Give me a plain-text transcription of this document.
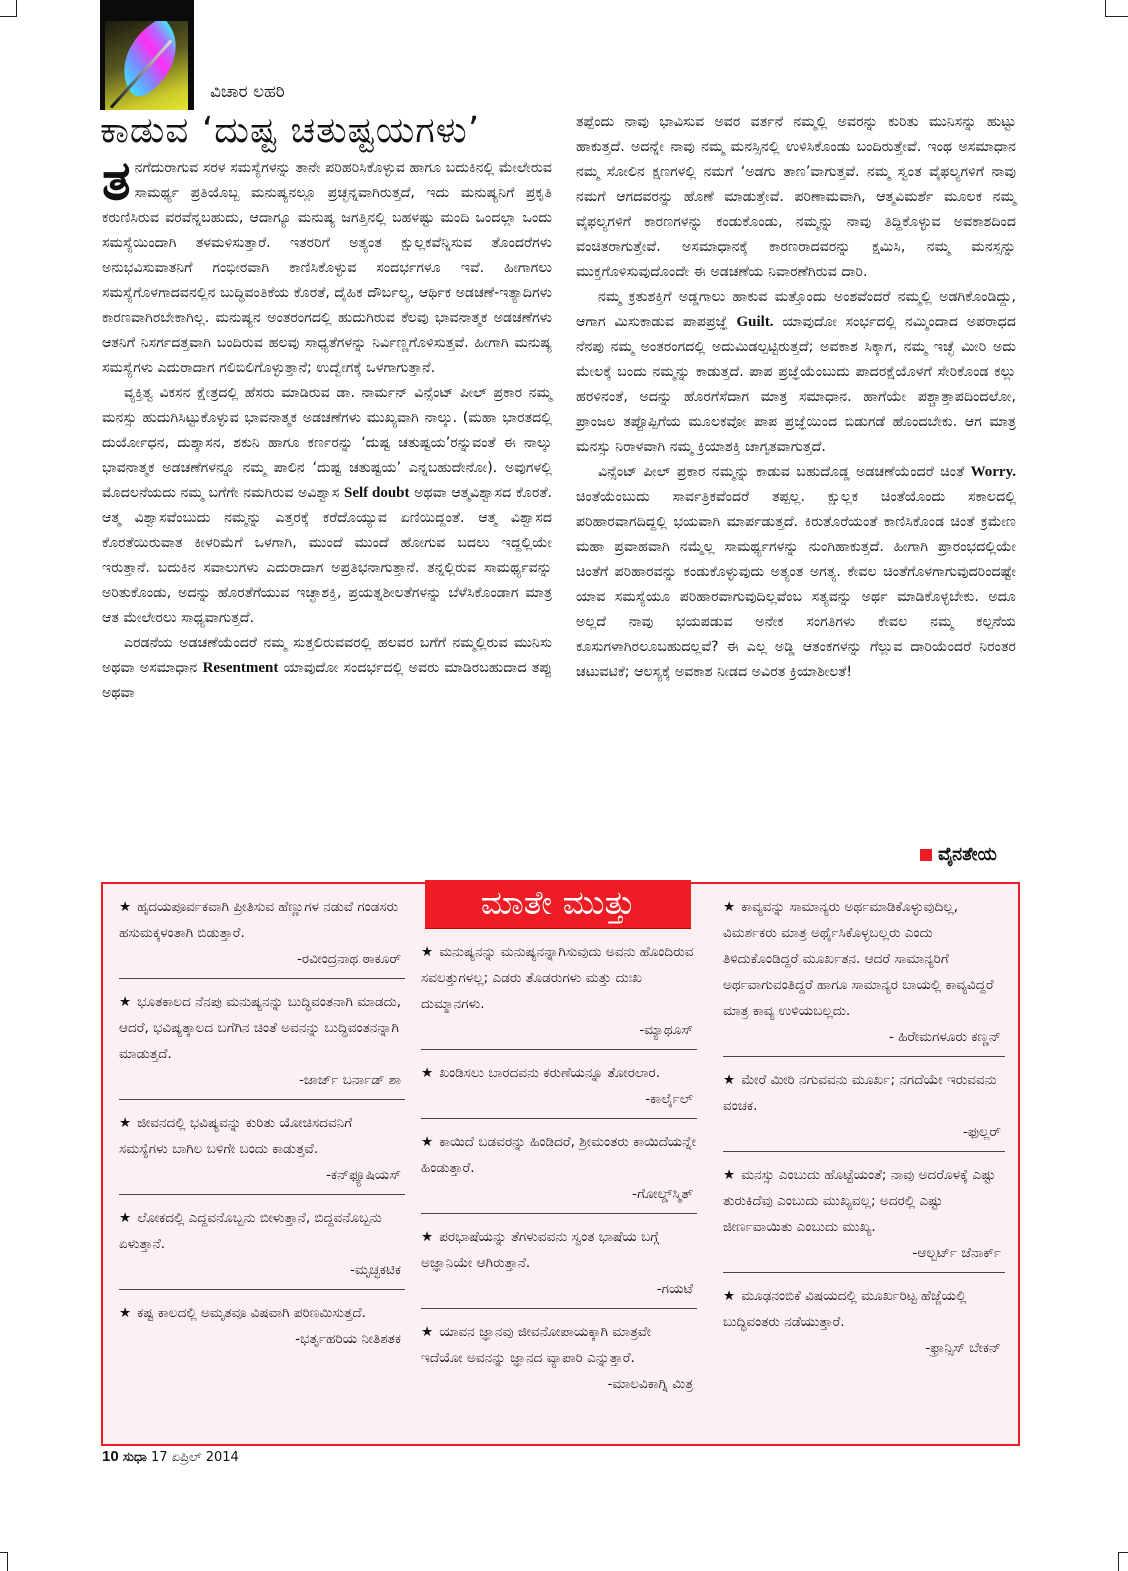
ವಿಚಾರ ಲಹರಿ
ಕಾಡುವ ‘ದುಷ್ಟ ಚತುಷ್ಟಯಗಳು’

ತನಗೆದುರಾಗುವ ಸರಳ ಸಮಸ್ಯೆಗಳನ್ನು ತಾನೇ ಪರಿಹರಿಸಿಕೊಳ್ಳುವ ಹಾಗೂ ಬದುಕಿನಲ್ಲಿ ಮೇಲೇರುವ ಸಾಮರ್ಥ್ಯ ಪ್ರತಿಯೊಬ್ಬ ಮನುಷ್ಯನಲ್ಲೂ ಪ್ರಚ್ಛನ್ನವಾಗಿರುತ್ತದೆ, ಇದು ಮನುಷ್ಯನಿಗೆ ಪ್ರಕೃತಿ ಕರುಣಿಸಿರುವ ವರವೆನ್ನಬಹುದು, ಆದಾಗ್ಯೂ ಮನುಷ್ಯ ಜಗತ್ತಿನಲ್ಲಿ ಬಹಳಷ್ಟು ಮಂದಿ ಒಂದಲ್ಲಾ ಒಂದು ಸಮಸ್ಯೆಯಿಂದಾಗಿ ತಳಮಳಿಸುತ್ತಾರೆ. ಇತರರಿಗೆ ಅತ್ಯಂತ ಕ್ಷುಲ್ಲಕವೆನ್ನಿಸುವ ತೊಂದರೆಗಳು ಅನುಭವಿಸುವಾತನಿಗೆ ಗಂಭೀರವಾಗಿ ಕಾಣಿಸಿಕೊಳ್ಳುವ ಸಂದರ್ಭಗಳೂ ಇವೆ. ಹೀಗಾಗಲು ಸಮಸ್ಯೆಗೊಳಗಾದವನಲ್ಲಿನ ಬುದ್ಧಿವಂತಿಕೆಯ ಕೊರತೆ, ದೈಹಿಕ ದೌರ್ಬಲ್ಯ, ಆರ್ಥಿಕ ಅಡಚಣೆ-ಇತ್ಯಾದಿಗಳು ಕಾರಣವಾಗಿರಬೇಕಾಗಿಲ್ಲ. ಮನುಷ್ಯನ ಅಂತರಂಗದಲ್ಲಿ ಹುದುಗಿರುವ ಕೆಲವು ಭಾವನಾತ್ಮಕ ಅಡಚಣೆಗಳು ಆತನಿಗೆ ನಿಸರ್ಗದತ್ತವಾಗಿ ಬಂದಿರುವ ಹಲವು ಸಾಧ್ಯತೆಗಳನ್ನು ನಿರ್ವಿಣ್ಣಗೊಳಿಸುತ್ತವೆ. ಹೀಗಾಗಿ ಮನುಷ್ಯ ಸಮಸ್ಯೆಗಳು ಎದುರಾದಾಗ ಗಲಿಬಿಲಿಗೊಳ್ಳುತ್ತಾನೆ; ಉದ್ವೇಗಕ್ಕೆ ಒಳಗಾಗುತ್ತಾನೆ.

ವ್ಯಕ್ತಿತ್ವ ವಿಕಸನ ಕ್ಷೇತ್ರದಲ್ಲಿ ಹೆಸರು ಮಾಡಿರುವ ಡಾ. ನಾರ್ಮನ್ ವಿನ್ಸೆಂಟ್ ಪೀಲ್ ಪ್ರಕಾರ ನಮ್ಮ ಮನಸ್ಸು ಹುದುಗಿಸಿಟ್ಟುಕೊಳ್ಳುವ ಭಾವನಾತ್ಮಕ ಅಡಚಣೆಗಳು ಮುಖ್ಯವಾಗಿ ನಾಲ್ಕು. (ಮಹಾ ಭಾರತದಲ್ಲಿ ದುರ್ಯೋಧನ, ದುಶ್ಶಾಸನ, ಶಕುನಿ ಹಾಗೂ ಕರ್ಣರನ್ನು ‘ದುಷ್ಟ ಚತುಷ್ಟಯ’ರನ್ನುವಂತೆ ಈ ನಾಲ್ಕು ಭಾವನಾತ್ಮಕ ಅಡಚಣೆಗಳನ್ನೂ ನಮ್ಮ ಪಾಲಿನ ‘ದುಷ್ಟ ಚತುಷ್ಟಯ’ ಎನ್ನಬಹುದೇನೋ). ಅವುಗಳಲ್ಲಿ ಮೊದಲನೆಯದು ನಮ್ಮ ಬಗೆಗೇ ನಮಗಿರುವ ಅವಿಶ್ವಾಸ Self doubt ಅಥವಾ ಆತ್ಮವಿಶ್ವಾಸದ ಕೊರತೆ. ಆತ್ಮ ವಿಶ್ವಾಸವೆಂಬುದು ನಮ್ಮನ್ನು ಎತ್ತರಕ್ಕೆ ಕರೆದೊಯ್ಯುವ ಏಣಿಯಿದ್ದಂತೆ. ಆತ್ಮ ವಿಶ್ವಾಸದ ಕೊರತೆಯಿರುವಾತ ಕೀಳರಿಮೆಗೆ ಒಳಗಾಗಿ, ಮುಂದೆ ಮುಂದೆ ಹೋಗುವ ಬದಲು ಇದ್ದಲ್ಲಿಯೇ ಇರುತ್ತಾನೆ. ಬದುಕಿನ ಸವಾಲುಗಳು ಎದುರಾದಾಗ ಅಪ್ರತಿಭನಾಗುತ್ತಾನೆ. ತನ್ನಲ್ಲಿರುವ ಸಾಮರ್ಥ್ಯವನ್ನು ಅರಿತುಕೊಂಡು, ಅದನ್ನು ಹೊರತೆಗೆಯುವ ಇಚ್ಛಾಶಕ್ತಿ, ಪ್ರಯತ್ನಶೀಲತೆಗಳನ್ನು ಬೆಳೆಸಿಕೊಂಡಾಗ ಮಾತ್ರ ಆತ ಮೇಲೇರಲು ಸಾಧ್ಯವಾಗುತ್ತದೆ.

ಎರಡನೆಯ ಅಡಚಣೆಯೆಂದರೆ ನಮ್ಮ ಸುತ್ತಲಿರುವವರಲ್ಲಿ ಹಲವರ ಬಗೆಗೆ ನಮ್ಮಲ್ಲಿರುವ ಮುನಿಸು ಅಥವಾ ಅಸಮಾಧಾನ Resentment ಯಾವುದೋ ಸಂದರ್ಭದಲ್ಲಿ ಅವರು ಮಾಡಿರಬಹುದಾದ ತಪ್ಪು ಅಥವಾ

ತಪ್ಪೆಂದು ನಾವು ಭಾವಿಸುವ ಅವರ ವರ್ತನೆ ನಮ್ಮಲ್ಲಿ ಅವರನ್ನು ಕುರಿತು ಮುನಿಸನ್ನು ಹುಟ್ಟು ಹಾಕುತ್ತದೆ. ಅದನ್ನೇ ನಾವು ನಮ್ಮ ಮನಸ್ಸಿನಲ್ಲಿ ಉಳಿಸಿಕೊಂಡು ಬಂದಿರುತ್ತೇವೆ. ಇಂಥ ಅಸಮಾಧಾನ ನಮ್ಮ ಸೋಲಿನ ಕ್ಷಣಗಳಲ್ಲಿ ನಮಗೆ ‘ಅಡಗು ತಾಣ’ವಾಗುತ್ತವೆ. ನಮ್ಮ ಸ್ವಂತ ವೈಫಲ್ಯಗಳಿಗೆ ನಾವು ನಮಗೆ ಆಗದವರನ್ನು ಹೊಣೆ ಮಾಡುತ್ತೇವೆ. ಪರಿಣಾಮವಾಗಿ, ಆತ್ಮವಿಮರ್ಶೆ ಮೂಲಕ ನಮ್ಮ ವೈಫಲ್ಯಗಳಿಗೆ ಕಾರಣಗಳನ್ನು ಕಂಡುಕೊಂಡು, ನಮ್ಮನ್ನು ನಾವು ತಿದ್ದಿಕೊಳ್ಳುವ ಅವಕಾಶದಿಂದ ವಂಚಿತರಾಗುತ್ತೇವೆ. ಅಸಮಾಧಾನಕ್ಕೆ ಕಾರಣರಾದವರನ್ನು ಕ್ಷಮಿಸಿ, ನಮ್ಮ ಮನಸ್ಸನ್ನು ಮುಕ್ತಗೊಳಿಸುವುದೊಂದೇ ಈ ಅಡಚಣೆಯ ನಿವಾರಣೆಗಿರುವ ದಾರಿ.

ನಮ್ಮ ಕ್ರತುಶಕ್ತಿಗೆ ಅಡ್ಡಗಾಲು ಹಾಕುವ ಮತ್ತೊಂದು ಅಂಶವೆಂದರೆ ನಮ್ಮಲ್ಲಿ ಅಡಗಿಕೊಂಡಿದ್ದು, ಆಗಾಗ ಮಿಸುಕಾಡುವ ಪಾಪಪ್ರಜ್ಞೆ Guilt. ಯಾವುದೋ ಸಂರ್ಭದಲ್ಲಿ ನಮ್ಮಿಂದಾದ ಅಪರಾಧದ ನೆನಪು ನಮ್ಮ ಅಂತರಂಗದಲ್ಲಿ ಅದುಮಿಡಲ್ಪಟ್ಟಿರುತ್ತದೆ; ಅವಕಾಶ ಸಿಕ್ಕಾಗ, ನಮ್ಮ ಇಚ್ಛೆ ಮೀರಿ ಅದು ಮೇಲಕ್ಕೆ ಬಂದು ನಮ್ಮನ್ನು ಕಾಡುತ್ತದೆ. ಪಾಪ ಪ್ರಜ್ಞೆಯೆಂಬುದು ಪಾದರಕ್ಷೆಯೊಳಗೆ ಸೇರಿಕೊಂಡ ಕಲ್ಲು ಹರಳಿನಂತೆ, ಅದನ್ನು ಹೊರಗೆಸೆದಾಗ ಮಾತ್ರ ಸಮಾಧಾನ. ಹಾಗೆಯೇ ಪಶ್ಚಾತ್ತಾಪದಿಂದಲೋ, ಪ್ರಾಂಜಲ ತಪ್ಪೊಪ್ಪಿಗೆಯ ಮೂಲಕವೋ ಪಾಪ ಪ್ರಜ್ಞೆಯಿಂದ ಬಿಡುಗಡೆ ಹೊಂದಬೇಕು. ಆಗ ಮಾತ್ರ ಮನಸ್ಸು ನಿರಾಳವಾಗಿ ನಮ್ಮ ಕ್ರಿಯಾಶಕ್ತಿ ಜಾಗೃತವಾಗುತ್ತದೆ.

ವಿನ್ಸೆಂಟ್ ಪೀಲ್ ಪ್ರಕಾರ ನಮ್ಮನ್ನು ಕಾಡುವ ಬಹುದೊಡ್ಡ ಅಡಚಣೆಯೆಂದರೆ ಚಿಂತೆ Worry. ಚಿಂತೆಯೆಂಬುದು ಸಾರ್ವತ್ರಿಕವೆಂದರೆ ತಪ್ಪಲ್ಲ. ಕ್ಷುಲ್ಲಕ ಚಿಂತೆಯೊಂದು ಸಕಾಲದಲ್ಲಿ ಪರಿಹಾರವಾಗದಿದ್ದಲ್ಲಿ ಭಯವಾಗಿ ಮಾರ್ಪಡುತ್ತದೆ. ಕಿರುತೊರೆಯಂತೆ ಕಾಣಿಸಿಕೊಂಡ ಚಿಂತೆ ಕ್ರಮೇಣ ಮಹಾ ಪ್ರವಾಹವಾಗಿ ನಮ್ಮೆಲ್ಲ ಸಾಮರ್ಥ್ಯಗಳನ್ನು ನುಂಗಿಹಾಕುತ್ತದೆ. ಹೀಗಾಗಿ ಪ್ರಾರಂಭದಲ್ಲಿಯೇ ಚಿಂತೆಗೆ ಪರಿಹಾರವನ್ನು ಕಂಡುಕೊಳ್ಳುವುದು ಅತ್ಯಂತ ಅಗತ್ಯ. ಕೇವಲ ಚಿಂತೆಗೊಳಗಾಗುವುದರಿಂದಷ್ಟೇ ಯಾವ ಸಮಸ್ಯೆಯೂ ಪರಿಹಾರವಾಗುವುದಿಲ್ಲವೆಂಬ ಸತ್ಯವನ್ನು ಅರ್ಥ ಮಾಡಿಕೊಳ್ಳಬೇಕು. ಅದೂ ಅಲ್ಲದೆ ನಾವು ಭಯಪಡುವ ಅನೇಕ ಸಂಗತಿಗಳು ಕೇವಲ ನಮ್ಮ ಕಲ್ಪನೆಯ ಕೂಸುಗಳಾಗಿರಲೂಬಹುದಲ್ಲವೆ? ಈ ಎಲ್ಲ ಅಡ್ಡಿ ಆತಂಕಗಳನ್ನು ಗೆಲ್ಲುವ ದಾರಿಯೆಂದರೆ ನಿರಂತರ ಚಟುವಟಿಕೆ; ಆಲಸ್ಯಕ್ಕೆ ಅವಕಾಶ ನೀಡದ ಅವಿರತ ಕ್ರಿಯಾಶೀಲತೆ!

ವೈನತೇಯ
★ ಹೃದಯಪೂರ್ವಕವಾಗಿ ಪ್ರೀತಿಸುವ ಹೆಣ್ಣುಗಳ ನಡುವೆ ಗಂಡಸರು ಹಸುಮಕ್ಕಳಂತಾಗಿ ಬಿಡುತ್ತಾರೆ.
-ರವೀಂದ್ರನಾಥ ಠಾಕೂರ್
★ ಭೂತಕಾಲದ ನೆನಪು ಮನುಷ್ಯನನ್ನು ಬುದ್ಧಿವಂತನಾಗಿ ಮಾಡದು, ಆದರೆ, ಭವಿಷ್ಯತ್ಕಾಲದ ಬಗೆಗಿನ ಚಿಂತೆ ಅವನನ್ನು ಬುದ್ಧಿವಂತನನ್ನಾಗಿ ಮಾಡುತ್ತದೆ.
-ಜಾರ್ಜ್ ಬರ್ನಾಡ್ ಶಾ
★ ಜೀವನದಲ್ಲಿ ಭವಿಷ್ಯವನ್ನು ಕುರಿತು ಯೋಚಿಸದವನಿಗೆ ಸಮಸ್ಯೆಗಳು ಬಾಗಿಲ ಬಳಿಗೇ ಬಂದು ಕಾಡುತ್ತವೆ.
-ಕನ್‌ಫ್ಯೂಷಿಯಸ್
★ ಲೋಕದಲ್ಲಿ ಎದ್ದವನೊಬ್ಬನು ಬೀಳುತ್ತಾನೆ, ಬಿದ್ದವನೊಬ್ಬನು ಏಳುತ್ತಾನೆ.
-ಮೃಚ್ಛಕಟಿಕ
★ ಕಷ್ಟ ಕಾಲದಲ್ಲಿ ಅಮೃತವೂ ವಿಷವಾಗಿ ಪರಿಣಮಿಸುತ್ತದೆ.
-ಭರ್ತೃಹರಿಯ ನೀತಿಶತಕ
ಮಾತೇ ಮುತ್ತು
★ ಮನುಷ್ಯನನ್ನು ಮನುಷ್ಯನನ್ನಾಗಿಸುವುದು ಅವನು ಹೊಂದಿರುವ ಸವಲತ್ತುಗಳಲ್ಲ; ಎಡರು ತೊಡರುಗಳು ಮತ್ತು ದುಃಖ ದುಮ್ಮಾನಗಳು.
-ಮ್ಯಾಥೂಸ್
★ ಖಂಡಿಸಲು ಬಾರದವನು ಕರುಣೆಯನ್ನೂ ತೋರಲಾರ.
-ಕಾರ್ಲೈಲ್
★ ಕಾಯಿದೆ ಬಡವರನ್ನು ಹಿಂಡಿದರೆ, ಶ್ರೀಮಂತರು ಕಾಯಿದೆಯನ್ನೇ ಹಿಂಡುತ್ತಾರೆ.
-ಗೋಲ್ಡ್‌ಸ್ಮಿತ್
★ ಪರಭಾಷೆಯನ್ನು ತೆಗಳುವವನು ಸ್ವಂತ ಭಾಷೆಯ ಬಗ್ಗೆ ಅಜ್ಞಾನಿಯೇ ಆಗಿರುತ್ತಾನೆ.
-ಗಯಟೆ
★ ಯಾವನ ಜ್ಞಾನವು ಜೀವನೋಪಾಯಕ್ಕಾಗಿ ಮಾತ್ರವೇ ಇದೆಯೋ ಅವನನ್ನು ಜ್ಞಾನದ ವ್ಯಾಪಾರಿ ಎನ್ನುತ್ತಾರೆ.
-ಮಾಲವಿಕಾಗ್ನಿ ಮಿತ್ರ
★ ಕಾವ್ಯವನ್ನು ಸಾಮಾನ್ಯರು ಅರ್ಥಮಾಡಿಕೊಳ್ಳುವುದಿಲ್ಲ, ವಿಮರ್ಶಕರು ಮಾತ್ರ ಅರ್ಥೈಸಿಕೊಳ್ಳಬಲ್ಲರು ಎಂದು ತಿಳಿದುಕೊಂಡಿದ್ದರೆ ಮೂರ್ಖತನ. ಆದರೆ ಸಾಮಾನ್ಯರಿಗೆ ಅರ್ಥವಾಗುವಂತಿದ್ದರೆ ಹಾಗೂ ಸಾಮಾನ್ಯರ ಬಾಯಲ್ಲಿ ಕಾವ್ಯವಿದ್ದರೆ ಮಾತ್ರ ಕಾವ್ಯ ಉಳಿಯಬಲ್ಲದು.
- ಹಿರೇಮಗಳೂರು ಕಣ್ಣನ್
★ ಮೇರೆ ಮೀರಿ ನಗುವವನು ಮೂರ್ಖ; ನಗದೆಯೇ ಇರುವವನು ವಂಚಕ.
-ಫುಲ್ಲರ್
★ ಮನಸ್ಸು ಎಂಬುದು ಹೊಟ್ಟೆಯಂತೆ; ನಾವು ಅದರೊಳಕ್ಕೆ ಎಷ್ಟು ತುರುಕಿದೆವು ಎಂಬುದು ಮುಖ್ಯವಲ್ಲ; ಅದರಲ್ಲಿ ಎಷ್ಟು ಜೀರ್ಣವಾಯಿತು ಎಂಬುದು ಮುಖ್ಯ.
-ಆಲ್ಬರ್ಟ್ ಜೆನಾರ್ಕ್
★ ಮೂಢನಂಬಿಕೆ ವಿಷಯದಲ್ಲಿ ಮೂರ್ಖರಿಟ್ಟ ಹೆಜ್ಜೆಯಲ್ಲಿ ಬುದ್ಧಿವಂತರು ನಡೆಯುತ್ತಾರೆ.
-ಫ್ರಾನ್ಸಿಸ್ ಬೇಕನ್
10 ಸುಧಾ 17 ಏಪ್ರಿಲ್ 2014
